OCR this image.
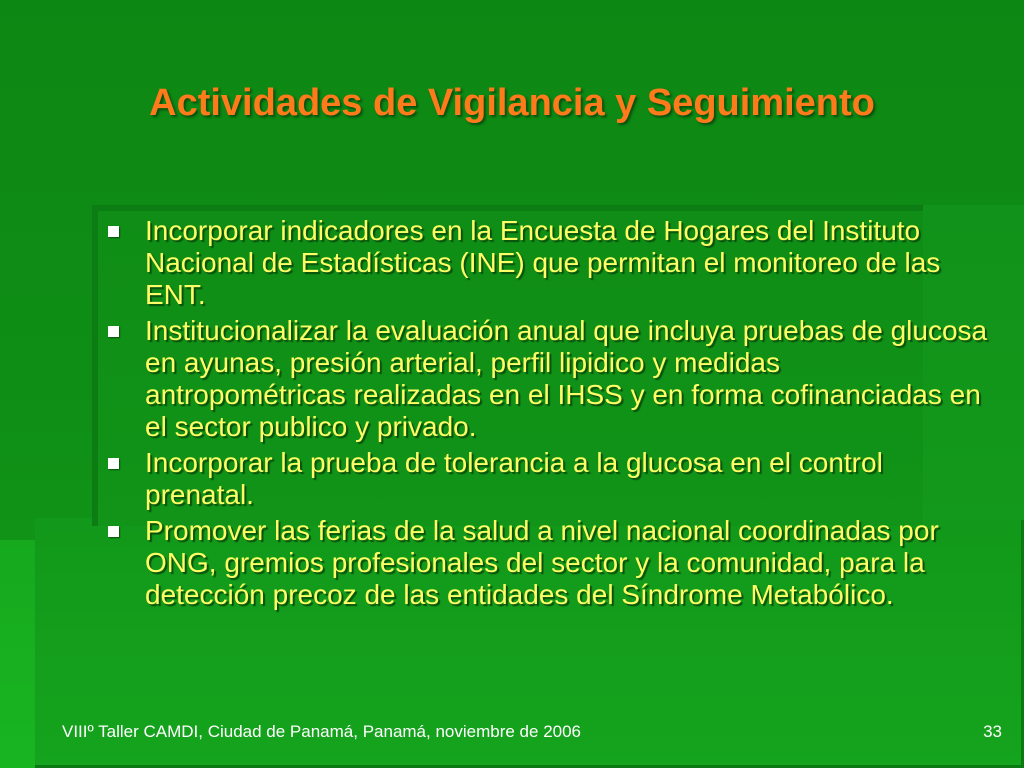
Actividades de Vigilancia y Seguimiento
Incorporar indicadores en la Encuesta de Hogares del Instituto Nacional de Estadísticas (INE) que permitan el monitoreo de las ENT.
Institucionalizar la evaluación anual que incluya pruebas de glucosa en ayunas, presión arterial, perfil lipidico y medidas antropométricas realizadas en el IHSS y en forma cofinanciadas en el sector publico y privado.
Incorporar la prueba de tolerancia a la glucosa en el control prenatal.
Promover las ferias de la salud a nivel nacional coordinadas por ONG, gremios profesionales del sector y la comunidad, para la detección precoz de las entidades del Síndrome Metabólico.
VIIIº Taller CAMDI, Ciudad de Panamá, Panamá, noviembre de 2006	33
